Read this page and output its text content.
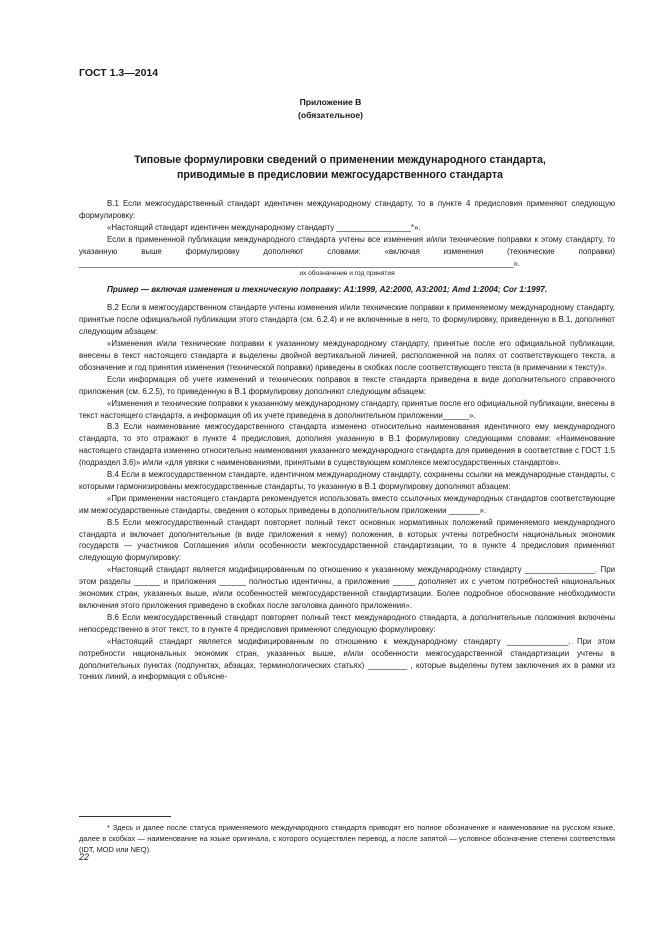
ГОСТ 1.3—2014
Приложение В
(обязательное)
Типовые формулировки сведений о применении международного стандарта,
приводимые в предисловии межгосударственного стандарта

В.1 Если межгосударственный стандарт идентичен международному стандарту, то в пункте 4 предисловия применяют следующую формулировку:

«Настоящий стандарт идентичен международному стандарту _________________*».

Если в примененной публикации международного стандарта учтены все изменения и/или технические поправки к этому стандарту, то указанную выше формулировку дополняют словами: «включая изменения (технические поправки) ___________________________________________________________________________________________________».

их обозначение и год принятия

Пример — включая изменения и техническую поправку: А1:1999, А2:2000, А3:2001; Amd 1:2004; Cor 1:1997.

В.2 Если в межгосударственном стандарте учтены изменения и/или технические поправки к применяемому международному стандарту, принятые после официальной публикации этого стандарта (см. 6.2.4) и не включенные в него, то формулировку, приведенную в В.1, дополняют следующим абзацем:

«Изменения и/или технические поправки к указанному международному стандарту, принятые после его официальной публикации, внесены в текст настоящего стандарта и выделены двойной вертикальной линией, расположенной на полях от соответствующего текста, а обозначение и год принятия изменения (технической поправки) приведены в скобках после соответствующего текста (в примечании к тексту)».

Если информация об учете изменений и технических поправок в тексте стандарта приведена в виде дополнительного справочного приложения (см. 6.2.5), то приведенную в В.1 формулировку дополняют следующим абзацем:

«Изменения и технические поправки к указанному международному стандарту, принятые после его официальной публикации, внесены в текст настоящего стандарта, а информация об их учете приведена в дополнительном приложении______».

В.3 Если наименование межгосударственного стандарта изменено относительно наименования идентичного ему международного стандарта, то это отражают в пункте 4 предисловия, дополняя указанную в В.1 формулировку следующими словами: «Наименование настоящего стандарта изменено относительно наименования указанного международного стандарта для приведения в соответствие с ГОСТ 1.5 (подраздел 3.6)» и/или «для увязки с наименованиями, принятыми в существующем комплексе межгосударственных стандартов».

В.4 Если в межгосударственном стандарте, идентичном международному стандарту, сохранены ссылки на международные стандарты, с которыми гармонизированы межгосударственные стандарты, то указанную в В.1 формулировку дополняют абзацем:

«При применении настоящего стандарта рекомендуется использовать вместо ссылочных международных стандартов соответствующие им межгосударственные стандарты, сведения о которых приведены в дополнительном приложении _______».

В.5 Если межгосударственный стандарт повторяет полный текст основных нормативных положений применяемого международного стандарта и включает дополнительные (в виде приложения к нему) положения, в которых учтены потребности национальных экономик государств — участников Соглашения и/или особенности межгосударственной стандартизации, то в пункте 4 предисловия применяют следующую формулировку:

«Настоящий стандарт является модифицированным по отношению к указанному международному стандарту ________________. При этом разделы ______ и приложения ______ полностью идентичны, а приложение _____ дополняет их с учетом потребностей национальных экономик стран, указанных выше, и/или особенностей межгосударственной стандартизации. Более подробное обоснование необходимости включения этого приложения приведено в скобках после заголовка данного приложения».

В.6 Если межгосударственный стандарт повторяет полный текст международного стандарта, а дополнительные положения включены непосредственно в этот текст, то в пункте 4 предисловия применяют следующую формулировку:

«Настоящий стандарт является модифицированным по отношению к международному стандарту ______________. При этом потребности национальных экономик стран, указанных выше, и/или особенности межгосударственной стандартизации учтены в дополнительных пунктах (подпунктах, абзацах, терминологических статьях) _________ , которые выделены путем заключения их в рамки из тонких линий, а информация с объясне-

* Здесь и далее после статуса применяемого международного стандарта приводят его полное обозначение и наименование на русском языке, далее в скобках — наименование на языке оригинала, с которого осуществлен перевод, а после запятой — условное обозначение степени соответствия (IDT, MOD или NEQ).

22
